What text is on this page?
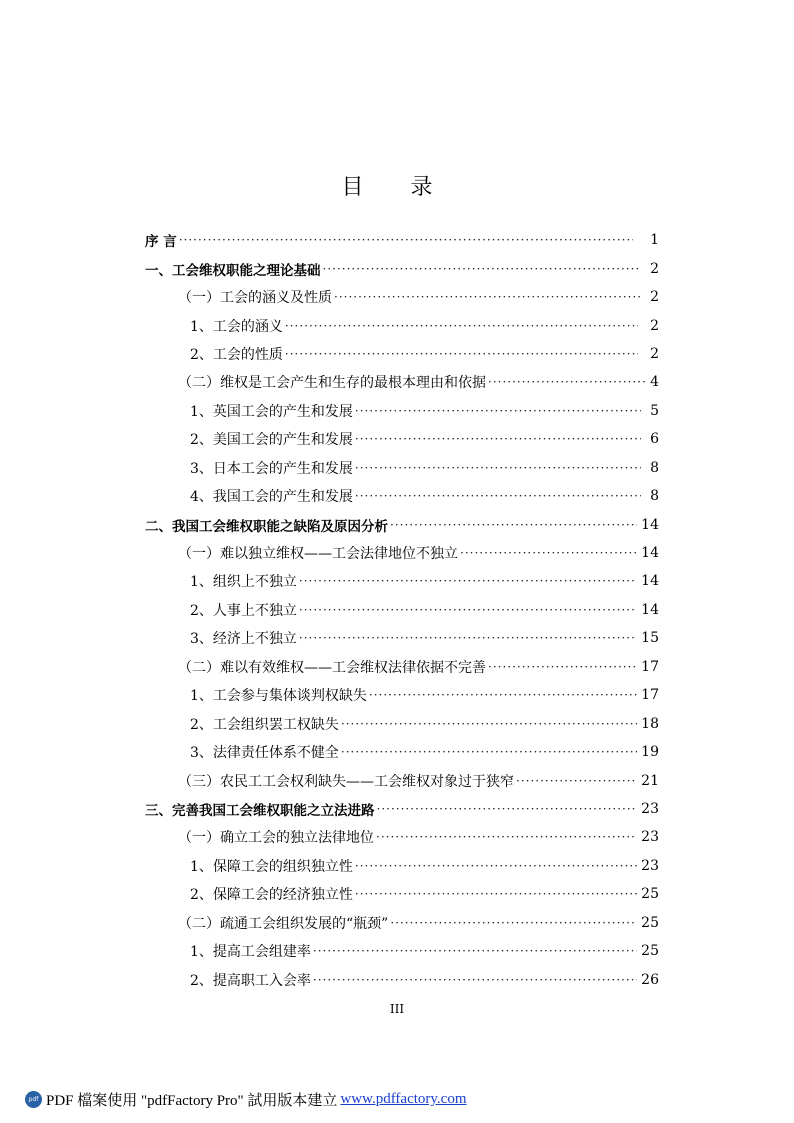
目 录
序 言 ·····	1
一、工会维权职能之理论基础 ·····	2
（一）工会的涵义及性质 ·····	2
1、工会的涵义 ·····	2
2、工会的性质 ·····	2
（二）维权是工会产生和生存的最根本理由和依据 ·····	4
1、英国工会的产生和发展 ·····	5
2、美国工会的产生和发展 ·····	6
3、日本工会的产生和发展 ·····	8
4、我国工会的产生和发展 ·····	8
二、我国工会维权职能之缺陷及原因分析 ·····	14
（一）难以独立维权——工会法律地位不独立 ·····	14
1、组织上不独立 ·····	14
2、人事上不独立 ·····	14
3、经济上不独立 ·····	15
（二）难以有效维权——工会维权法律依据不完善 ·····	17
1、工会参与集体谈判权缺失 ·····	17
2、工会组织罢工权缺失 ·····	18
3、法律责任体系不健全 ·····	19
（三）农民工工会权利缺失——工会维权对象过于狭窄 ·····	21
三、完善我国工会维权职能之立法进路 ·····	23
（一）确立工会的独立法律地位 ·····	23
1、保障工会的组织独立性 ·····	23
2、保障工会的经济独立性 ·····	25
（二）疏通工会组织发展的“瓶颈” ·····	25
1、提高工会组建率 ·····	25
2、提高职工入会率 ·····	26
III
pdf PDF 檔案使用 "pdfFactory Pro" 試用版本建立 www.pdffactory.com
